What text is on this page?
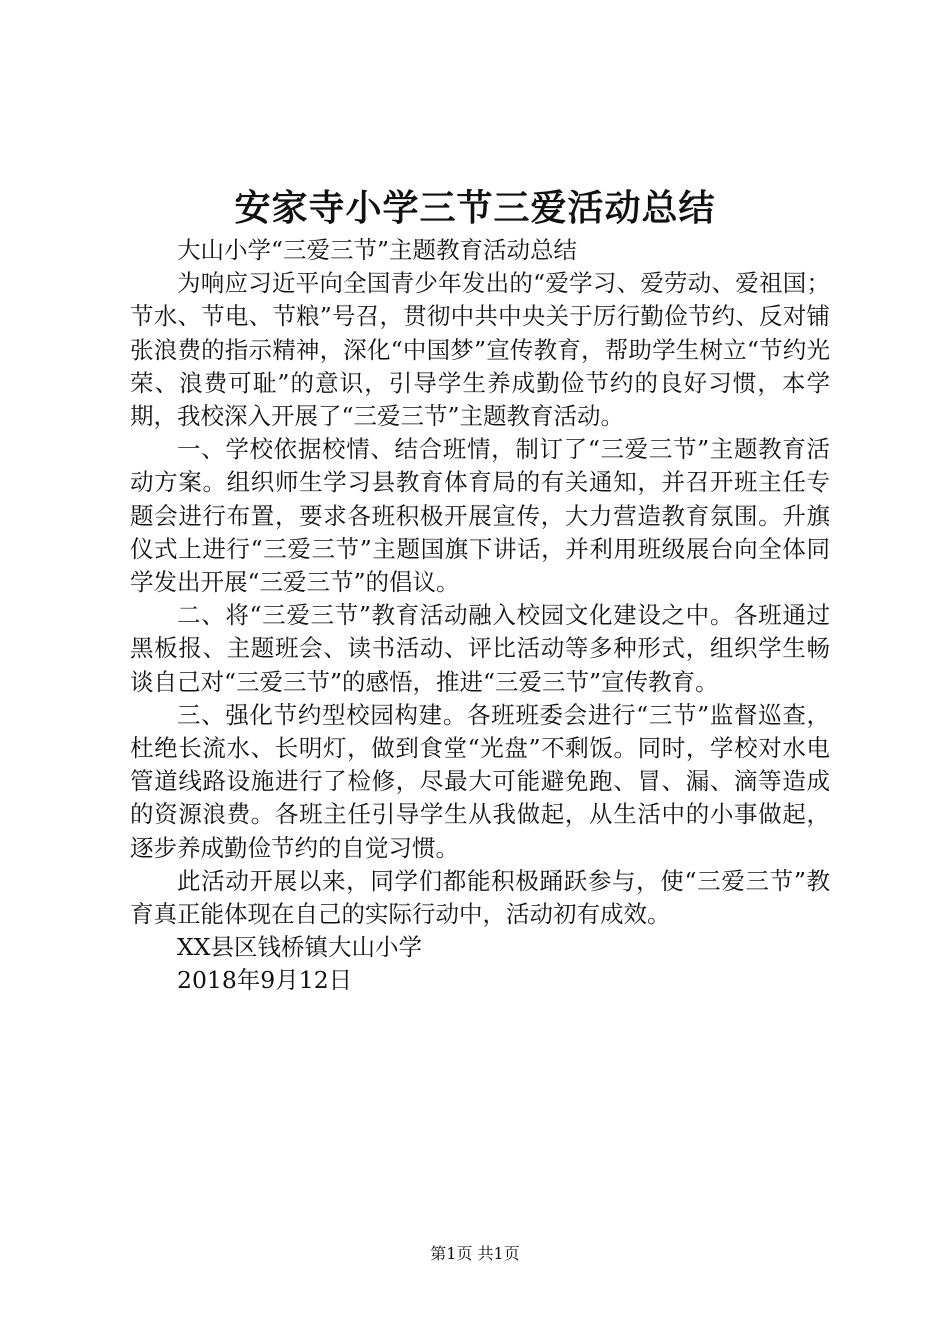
安家寺小学三节三爱活动总结

大山小学“三爱三节”主题教育活动总结

为响应习近平向全国青少年发出的“爱学习、爱劳动、爱祖国；节水、节电、节粮”号召，贯彻中共中央关于厉行勤俭节约、反对铺张浪费的指示精神，深化“中国梦”宣传教育，帮助学生树立“节约光荣、浪费可耻”的意识，引导学生养成勤俭节约的良好习惯，本学期，我校深入开展了“三爱三节”主题教育活动。

一、学校依据校情、结合班情，制订了“三爱三节”主题教育活动方案。组织师生学习县教育体育局的有关通知，并召开班主任专题会进行布置，要求各班积极开展宣传，大力营造教育氛围。升旗仪式上进行“三爱三节”主题国旗下讲话，并利用班级展台向全体同学发出开展“三爱三节”的倡议。

二、将“三爱三节”教育活动融入校园文化建设之中。各班通过黑板报、主题班会、读书活动、评比活动等多种形式，组织学生畅谈自己对“三爱三节”的感悟，推进“三爱三节”宣传教育。

三、强化节约型校园构建。各班班委会进行“三节”监督巡查，杜绝长流水、长明灯，做到食堂“光盘”不剩饭。同时，学校对水电管道线路设施进行了检修，尽最大可能避免跑、冒、漏、滴等造成的资源浪费。各班主任引导学生从我做起，从生活中的小事做起，逐步养成勤俭节约的自觉习惯。

此活动开展以来，同学们都能积极踊跃参与，使“三爱三节”教育真正能体现在自己的实际行动中，活动初有成效。

XX县区钱桥镇大山小学

2018年9月12日

第1页 共1页
